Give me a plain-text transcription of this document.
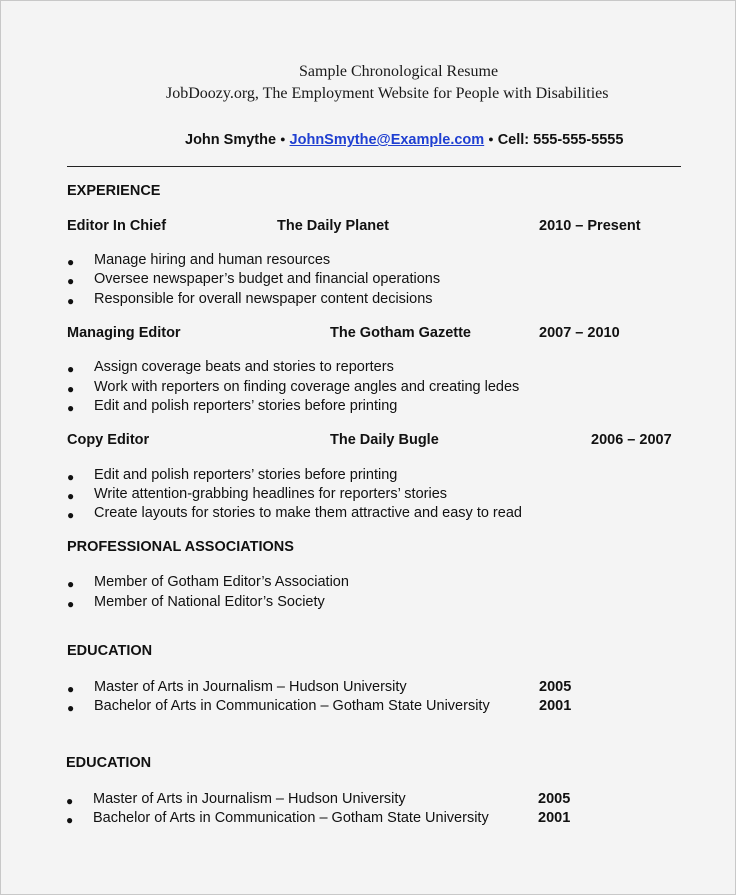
Sample Chronological Resume
JobDoozy.org, The Employment Website for People with Disabilities
John Smythe ● JohnSmythe@Example.com ● Cell: 555-555-5555
EXPERIENCE
Editor In Chief	The Daily Planet	2010 – Present
● Manage hiring and human resources
● Oversee newspaper’s budget and financial operations
● Responsible for overall newspaper content decisions
Managing Editor	The Gotham Gazette	2007 – 2010
● Assign coverage beats and stories to reporters
● Work with reporters on finding coverage angles and creating ledes
● Edit and polish reporters’ stories before printing
Copy Editor	The Daily Bugle	2006 – 2007
● Edit and polish reporters’ stories before printing
● Write attention-grabbing headlines for reporters’ stories
● Create layouts for stories to make them attractive and easy to read
PROFESSIONAL ASSOCIATIONS
● Member of Gotham Editor’s Association
● Member of National Editor’s Society
EDUCATION
● Master of Arts in Journalism – Hudson University	2005
● Bachelor of Arts in Communication – Gotham State University	2001
EDUCATION
● Master of Arts in Journalism – Hudson University	2005
● Bachelor of Arts in Communication – Gotham State University	2001
